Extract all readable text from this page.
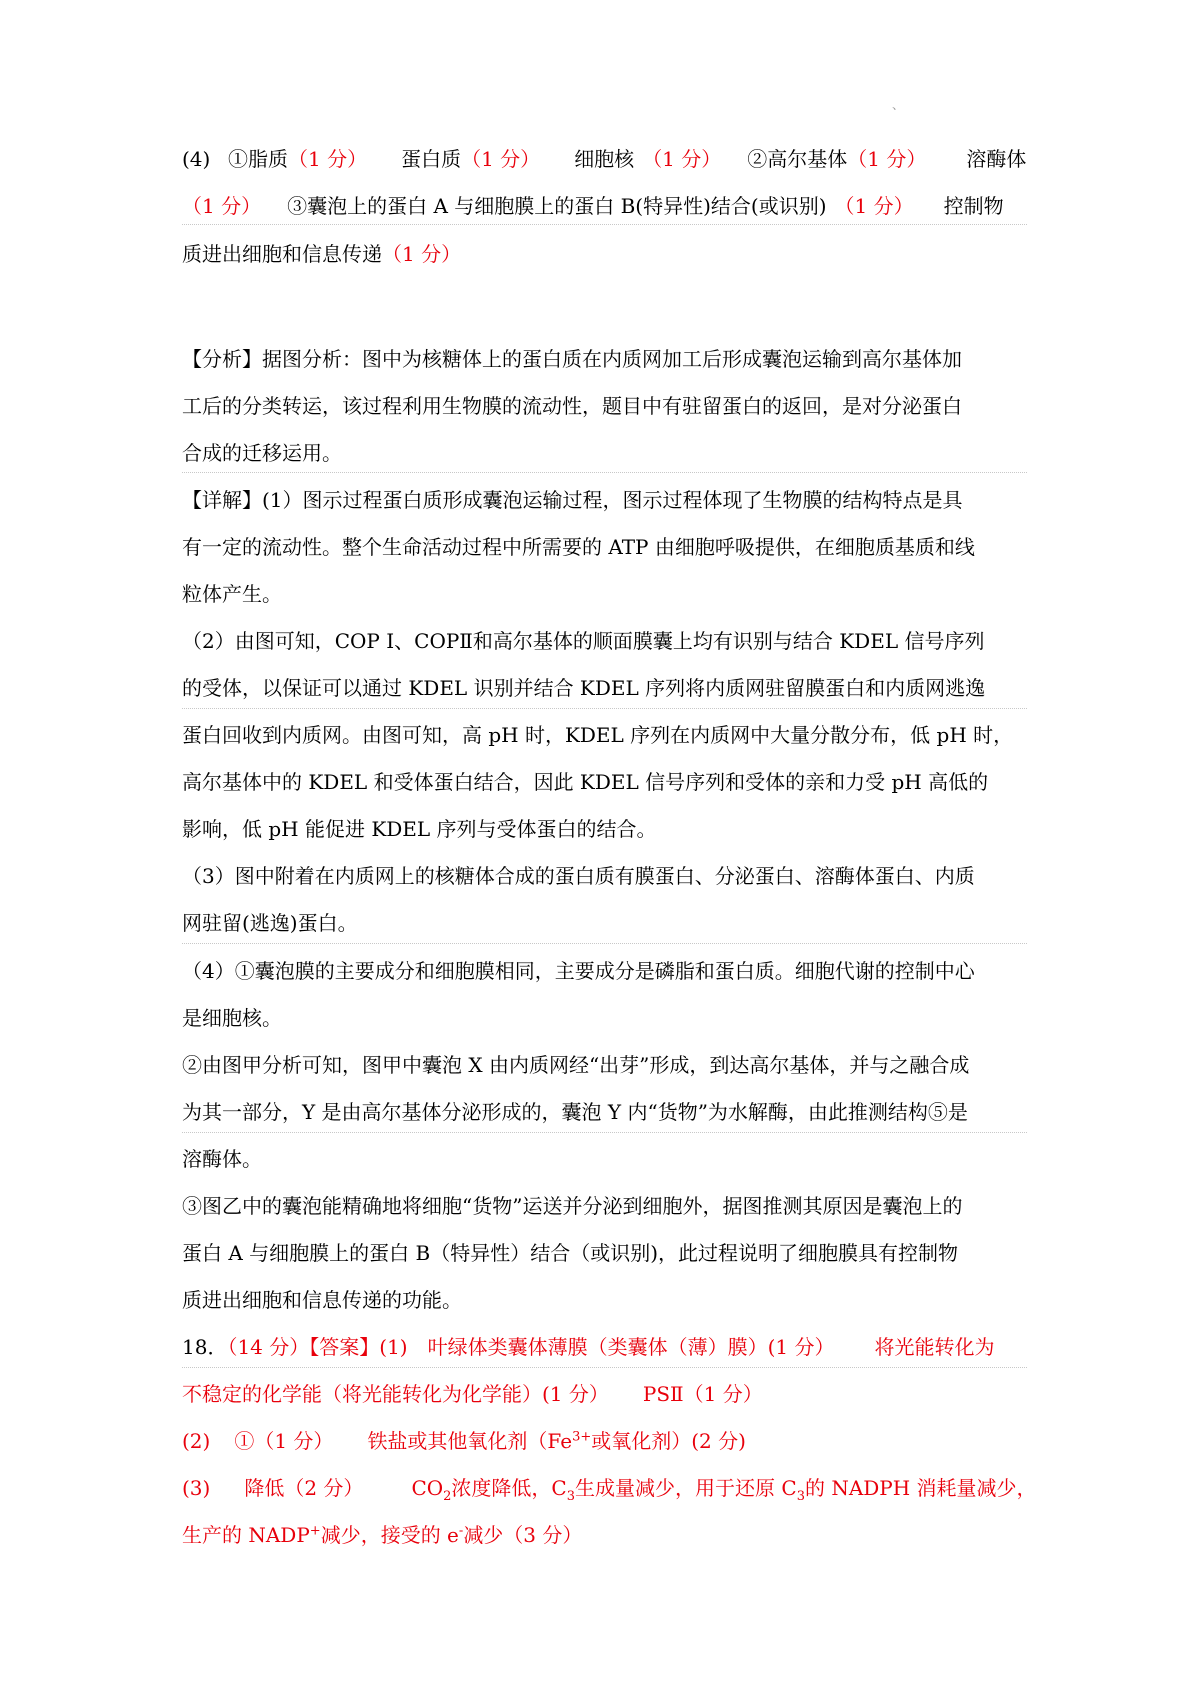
、
(4) ①脂质（1 分） 蛋白质（1 分） 细胞核 （1 分） ②高尔基体（1 分） 溶酶体
（1 分） ③囊泡上的蛋白 A 与细胞膜上的蛋白 B(特异性)结合(或识别) （1 分） 控制物
质进出细胞和信息传递（1 分）
【分析】据图分析：图中为核糖体上的蛋白质在内质网加工后形成囊泡运输到高尔基体加
工后的分类转运，该过程利用生物膜的流动性，题目中有驻留蛋白的返回，是对分泌蛋白
合成的迁移运用。
【详解】(1）图示过程蛋白质形成囊泡运输过程，图示过程体现了生物膜的结构特点是具
有一定的流动性。整个生命活动过程中所需要的 ATP 由细胞呼吸提供，在细胞质基质和线
粒体产生。
（2）由图可知，COP I、COPⅡ和高尔基体的顺面膜囊上均有识别与结合 KDEL 信号序列
的受体，以保证可以通过 KDEL 识别并结合 KDEL 序列将内质网驻留膜蛋白和内质网逃逸
蛋白回收到内质网。由图可知，高 pH 时，KDEL 序列在内质网中大量分散分布，低 pH 时，
高尔基体中的 KDEL 和受体蛋白结合，因此 KDEL 信号序列和受体的亲和力受 pH 高低的
影响，低 pH 能促进 KDEL 序列与受体蛋白的结合。
（3）图中附着在内质网上的核糖体合成的蛋白质有膜蛋白、分泌蛋白、溶酶体蛋白、内质
网驻留(逃逸)蛋白。
（4）①囊泡膜的主要成分和细胞膜相同，主要成分是磷脂和蛋白质。细胞代谢的控制中心
是细胞核。
②由图甲分析可知，图甲中囊泡 X 由内质网经“出芽”形成，到达高尔基体，并与之融合成
为其一部分，Y 是由高尔基体分泌形成的，囊泡 Y 内“货物”为水解酶，由此推测结构⑤是
溶酶体。
③图乙中的囊泡能精确地将细胞“货物”运送并分泌到细胞外，据图推测其原因是囊泡上的
蛋白 A 与细胞膜上的蛋白 B（特异性）结合（或识别)，此过程说明了细胞膜具有控制物
质进出细胞和信息传递的功能。
18．（14 分）【答案】(1) 叶绿体类囊体薄膜（类囊体（薄）膜）(1 分） 将光能转化为
不稳定的化学能（将光能转化为化学能）(1 分） PSⅡ（1 分）
(2) ①（1 分） 铁盐或其他氧化剂（$Fe^{3+}$或氧化剂）(2 分)
(3) 降低（2 分） $CO_2$浓度降低，$C_3$生成量减少，用于还原 $C_3$的 NADPH 消耗量减少，
生产的 NADP+减少，接受的 e-减少（3 分）
